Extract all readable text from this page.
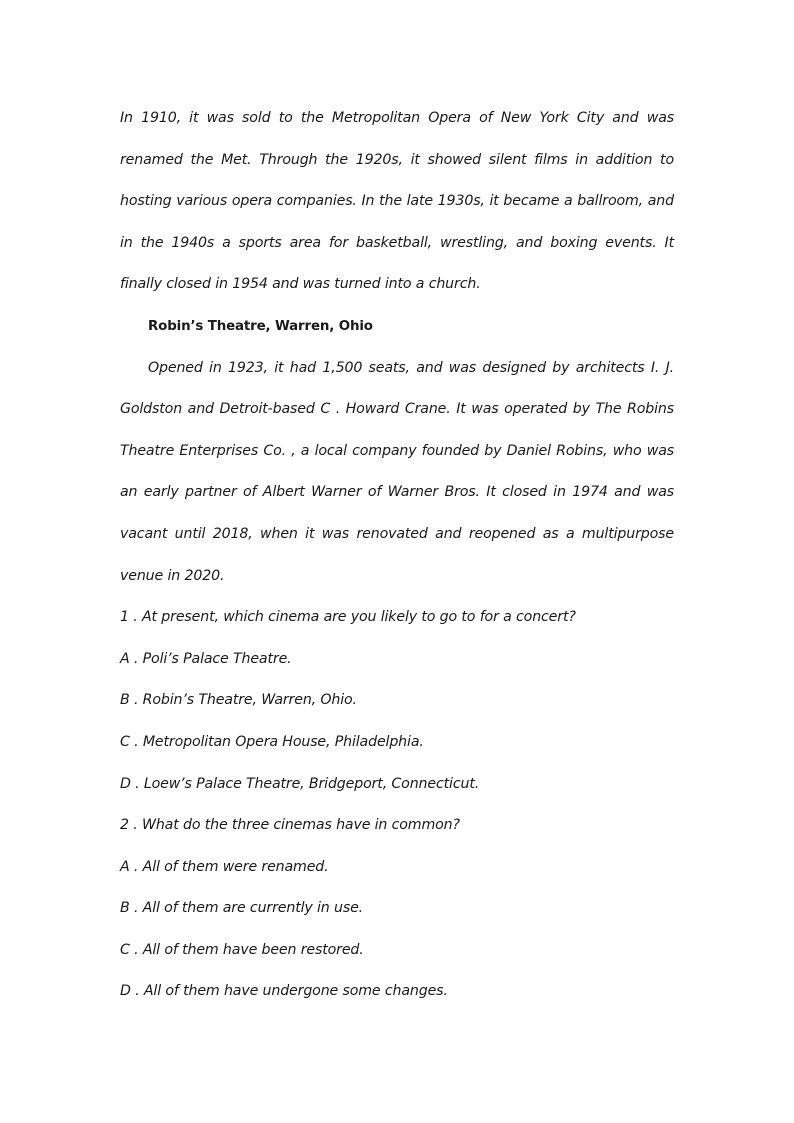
In 1910, it was sold to the Metropolitan Opera of New York City and was renamed the Met. Through the 1920s, it showed silent films in addition to hosting various opera companies. In the late 1930s, it became a ballroom, and in the 1940s a sports area for basketball, wrestling, and boxing events. It finally closed in 1954 and was turned into a church.

Robin’s Theatre, Warren, Ohio

Opened in 1923, it had 1,500 seats, and was designed by architects I. J. Goldston and Detroit-based C . Howard Crane. It was operated by The Robins Theatre Enterprises Co. , a local company founded by Daniel Robins, who was an early partner of Albert Warner of Warner Bros. It closed in 1974 and was vacant until 2018, when it was renovated and reopened as a multipurpose venue in 2020.

1 . At present, which cinema are you likely to go to for a concert?

A . Poli’s Palace Theatre.

B . Robin’s Theatre, Warren, Ohio.

C . Metropolitan Opera House, Philadelphia.

D . Loew’s Palace Theatre, Bridgeport, Connecticut.

2 . What do the three cinemas have in common?

A . All of them were renamed.

B . All of them are currently in use.

C . All of them have been restored.

D . All of them have undergone some changes.
